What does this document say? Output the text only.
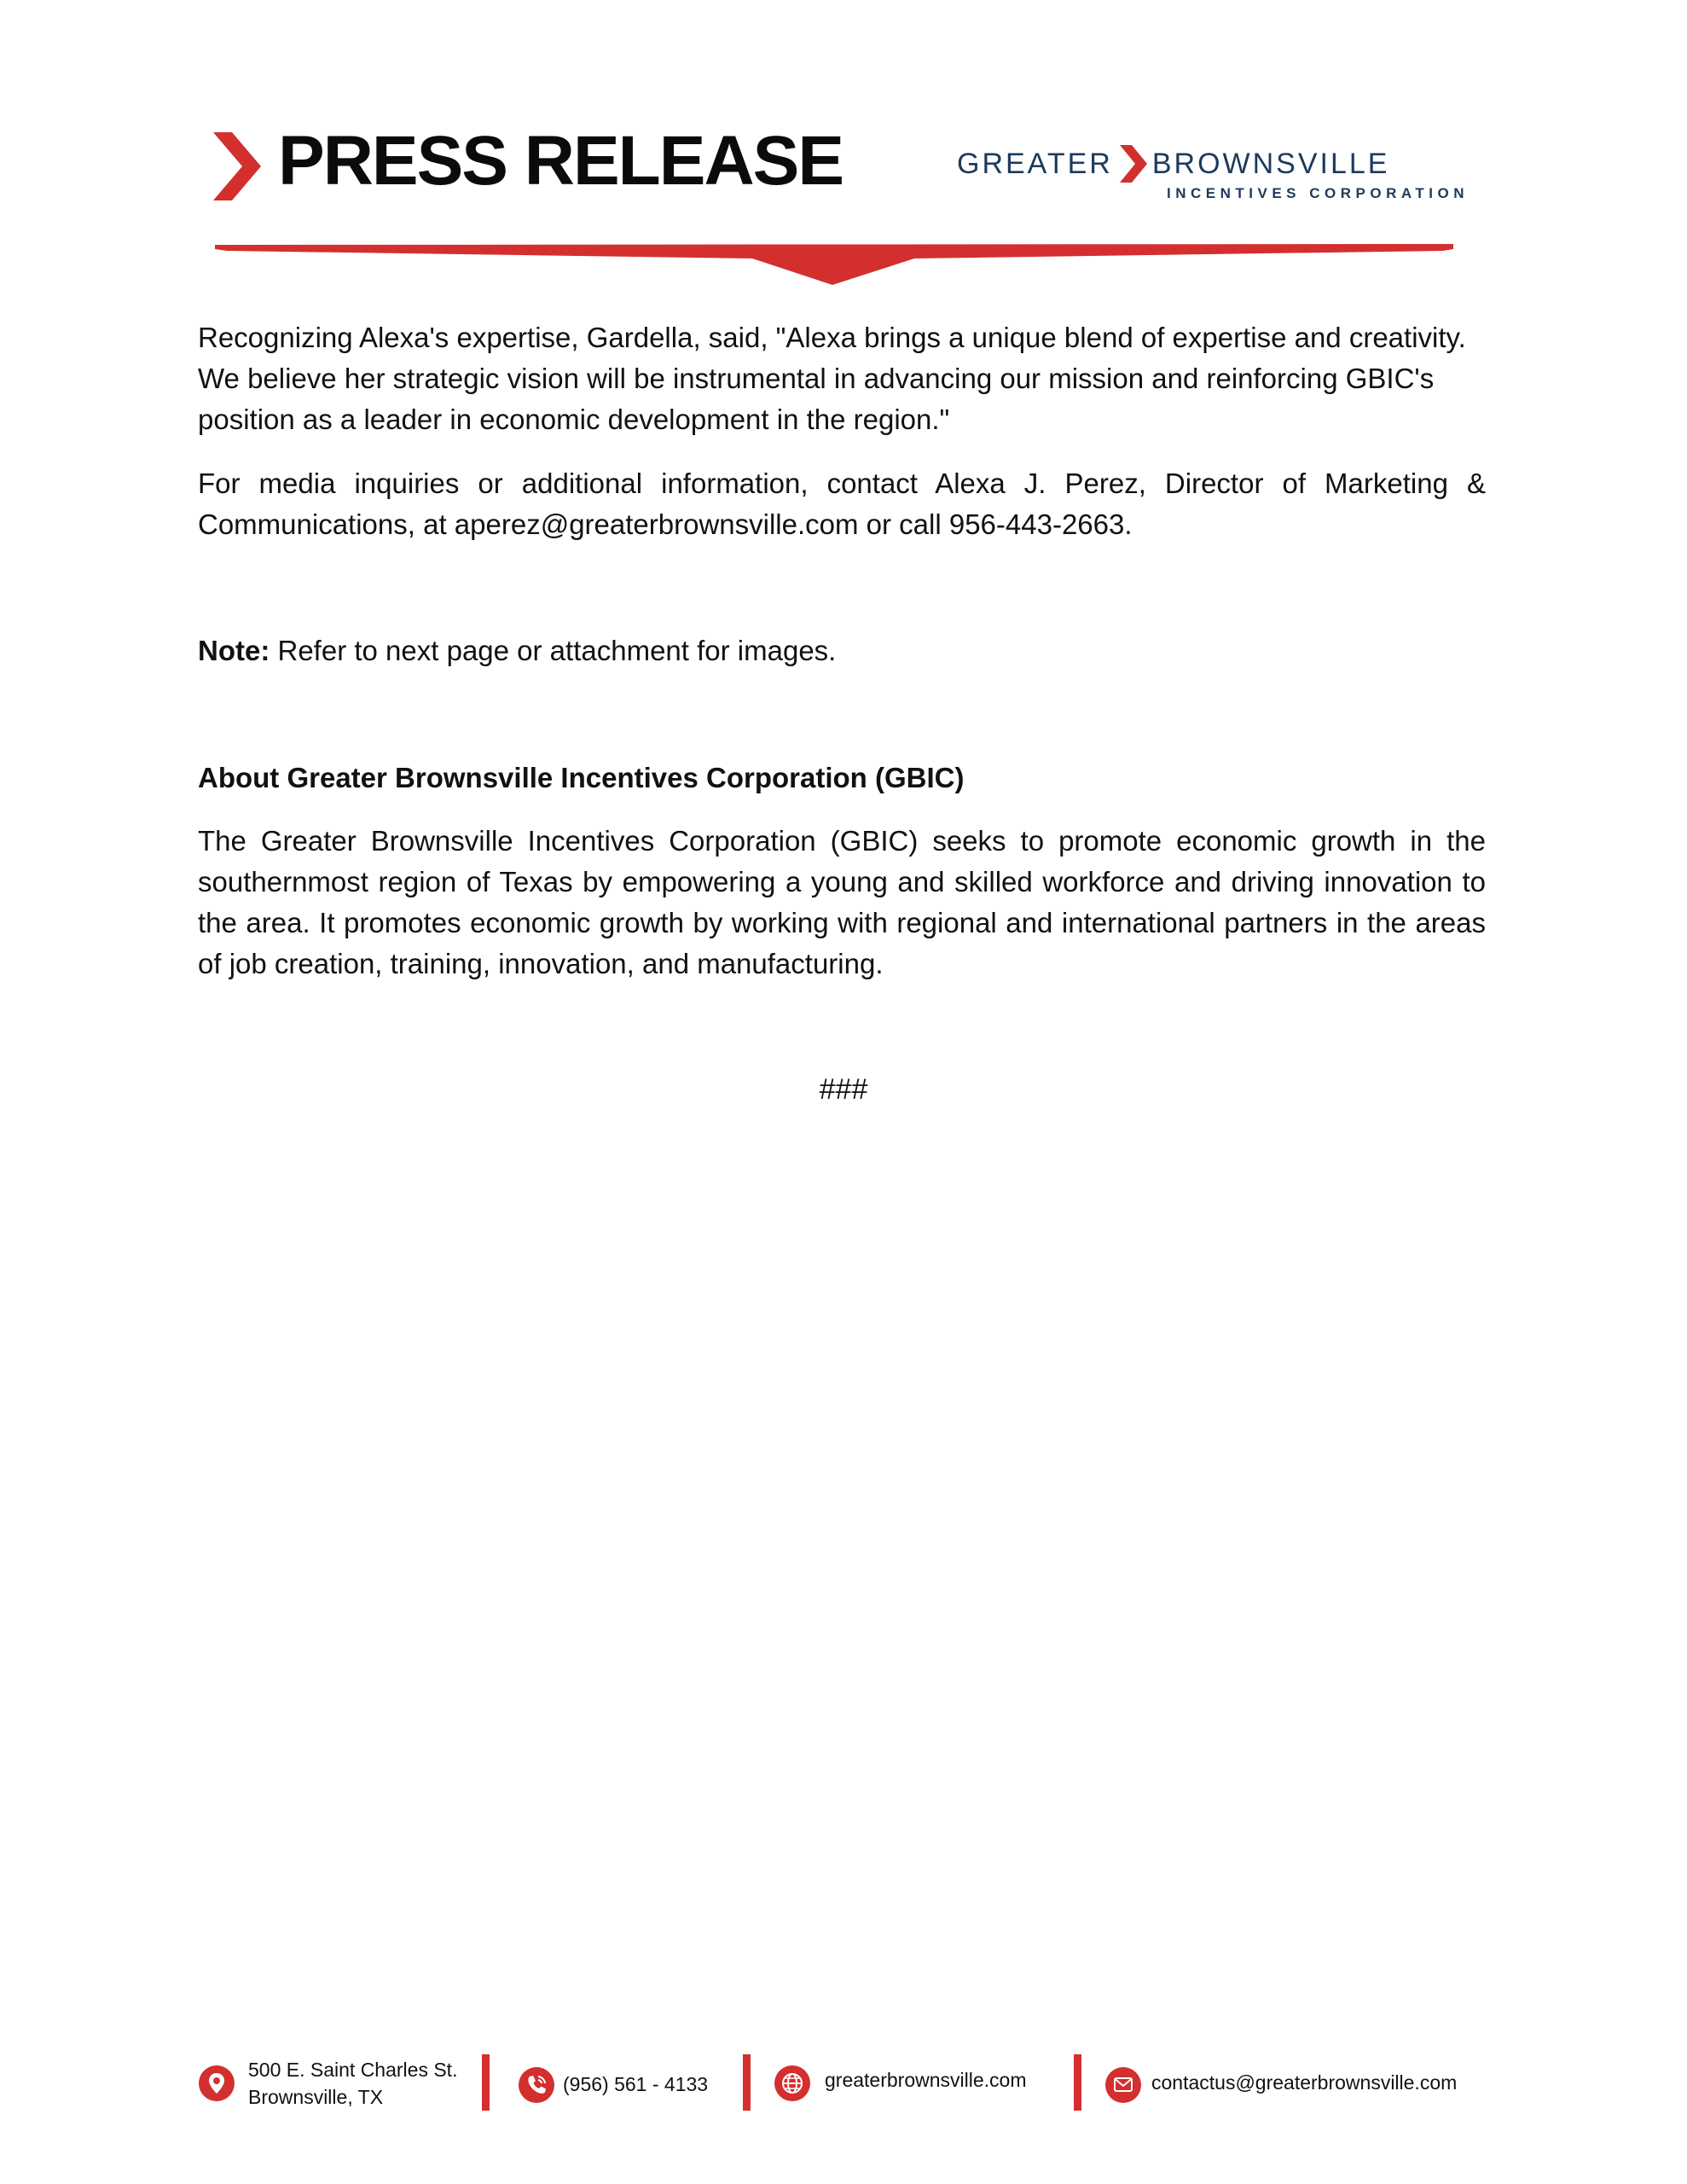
PRESS RELEASE	GREATER BROWNSVILLE
INCENTIVES CORPORATION
Recognizing Alexa's expertise, Gardella, said, "Alexa brings a unique blend of expertise and creativity. We believe her strategic vision will be instrumental in advancing our mission and reinforcing GBIC's position as a leader in economic development in the region."
For media inquiries or additional information, contact Alexa J. Perez, Director of Marketing & Communications, at aperez@greaterbrownsville.com or call 956-443-2663.
Note: Refer to next page or attachment for images.
About Greater Brownsville Incentives Corporation (GBIC)
The Greater Brownsville Incentives Corporation (GBIC) seeks to promote economic growth in the southernmost region of Texas by empowering a young and skilled workforce and driving innovation to the area. It promotes economic growth by working with regional and international partners in the areas of job creation, training, innovation, and manufacturing.
###
500 E. Saint Charles St.
Brownsville, TX
(956) 561 - 4133	greaterbrownsville.com	contactus@greaterbrownsville.com
